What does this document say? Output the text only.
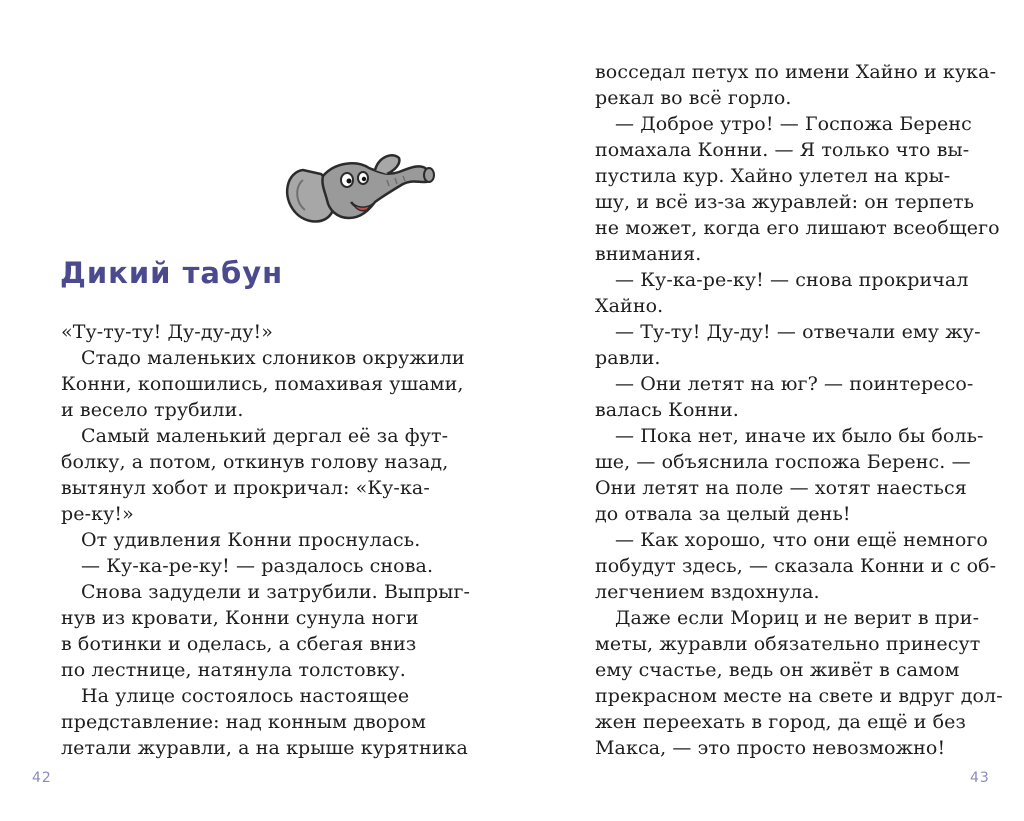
Дикий табун

«Ту-ту-ту! Ду-ду-ду!»

Стадо маленьких слоников окружили

Конни, копошились, помахивая ушами,

и весело трубили.

Самый маленький дергал её за фут-

болку, а потом, откинув голову назад,

вытянул хобот и прокричал: «Ку-ка-

ре-ку!»

От удивления Конни проснулась.

— Ку-ка-ре-ку! — раздалось снова.

Снова задудели и затрубили. Выпрыг-

нув из кровати, Конни сунула ноги

в ботинки и оделась, а сбегая вниз

по лестнице, натянула толстовку.

На улице состоялось настоящее

представление: над конным двором

летали журавли, а на крыше курятника

42

восседал петух по имени Хайно и кука-

рекал во всё горло.

— Доброе утро! — Госпожа Беренс

помахала Конни. — Я только что вы-

пустила кур. Хайно улетел на кры-

шу, и всё из-за журавлей: он терпеть

не может, когда его лишают всеобщего

внимания.

— Ку-ка-ре-ку! — снова прокричал

Хайно.

— Ту-ту! Ду-ду! — отвечали ему жу-

равли.

— Они летят на юг? — поинтересо-

валась Конни.

— Пока нет, иначе их было бы боль-

ше, — объяснила госпожа Беренс. —

Они летят на поле — хотят наесться

до отвала за целый день!

— Как хорошо, что они ещё немного

побудут здесь, — сказала Конни и с об-

легчением вздохнула.

Даже если Мориц и не верит в при-

меты, журавли обязательно принесут

ему счастье, ведь он живёт в самом

прекрасном месте на свете и вдруг дол-

жен переехать в город, да ещё и без

Макса, — это просто невозможно!

43
